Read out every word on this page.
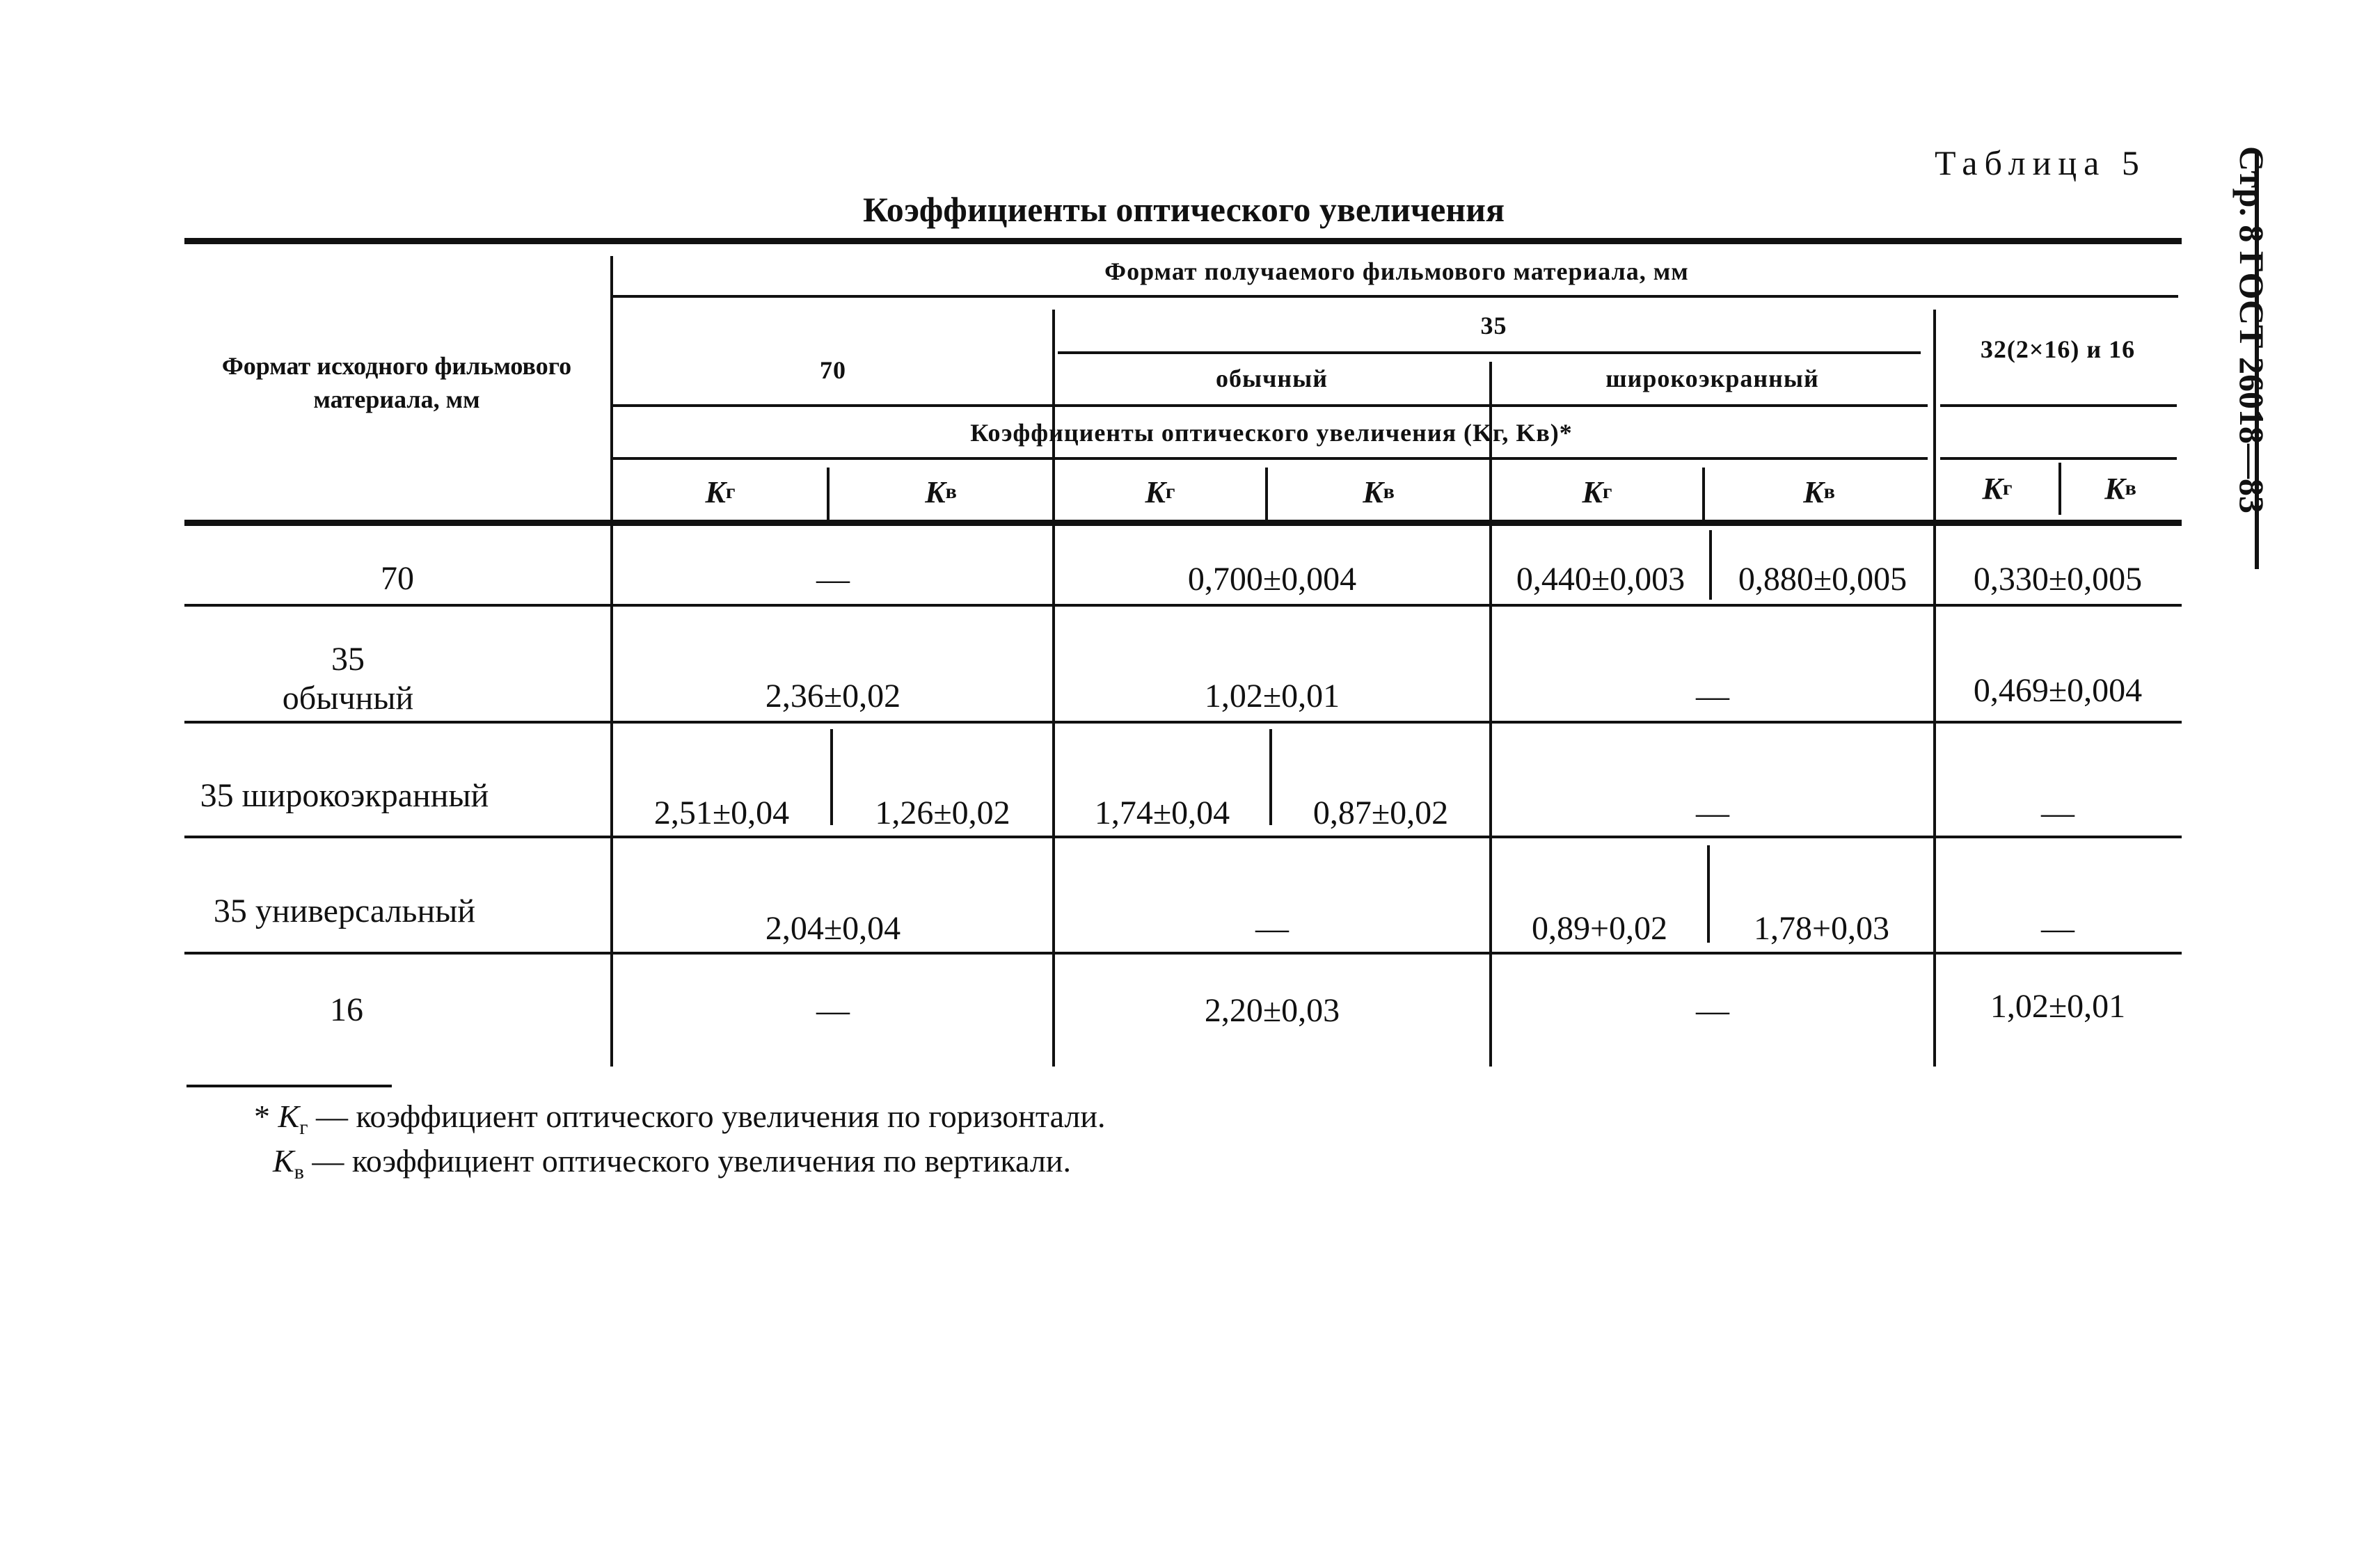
Таблица 5
Коэффициенты оптического увеличения	Стр. 8 ГОСТ 26018—83
Формат исходного фильмового материала, мм
Формат получаемого фильмового материала, мм
70
35
обычный	широкоэкранный
32(2×16) и 16
Коэффициенты оптического увеличения (Kг, Kв)*
K г	K в	K г	K в	K г	K в	K г	K в
70	—	0,700±0,004	0,440±0,003	0,880±0,005	0,330±0,005
35 обычный	2,36±0,02	1,02±0,01	—	0,469±0,004
35 широкоэкранный	2,51±0,04	1,26±0,02	1,74±0,04	0,87±0,02	—	—
35 универсальный	2,04±0,04	—	0,89+0,02	1,78+0,03	—
16	—	2,20±0,03	—	1,02±0,01
* $K_г$ — коэффициент оптического увеличения по горизонтали.
$K_в$ — коэффициент оптического увеличения по вертикали.
